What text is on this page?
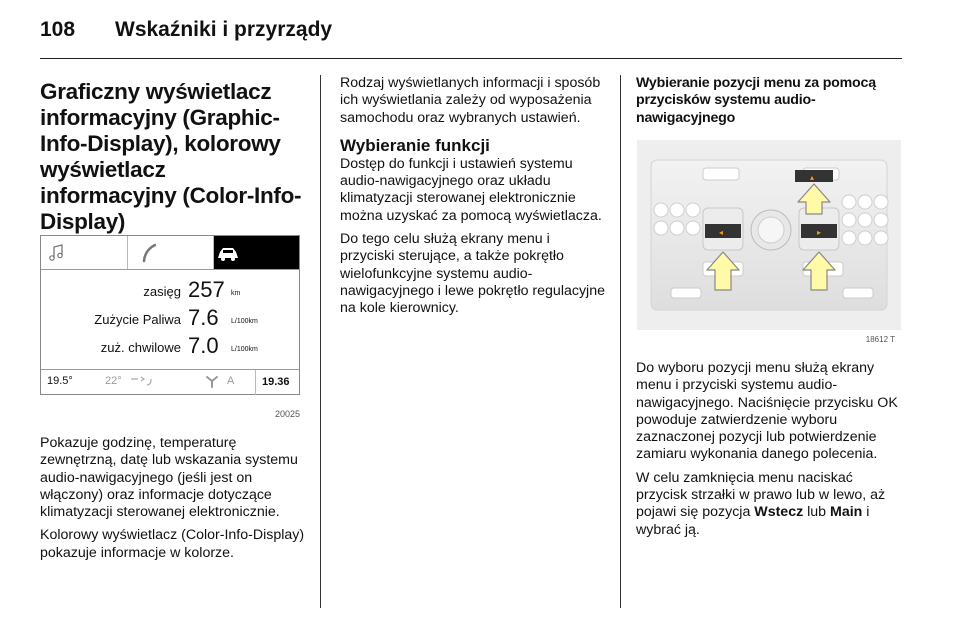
108 Wskaźniki i przyrządy
Graficzny wyświetlacz informacyjny (Graphic-Info-Display), kolorowy wyświetlacz informacyjny (Color-Info-Display)
zasięg 257 km
Zużycie Paliwa 7.6 L/100km
zuż. chwilowe 7.0 L/100km
19.5°	22°	A	19.36
20025

Pokazuje godzinę, temperaturę zewnętrzną, datę lub wskazania systemu audio-nawigacyjnego (jeśli jest on włączony) oraz informacje dotyczące klimatyzacji sterowanej elektronicznie.

Kolorowy wyświetlacz (Color-Info-Display) pokazuje informacje w kolorze.

Rodzaj wyświetlanych informacji i sposób ich wyświetlania zależy od wyposażenia samochodu oraz wybranych ustawień.

Wybieranie funkcji

Dostęp do funkcji i ustawień systemu audio-nawigacyjnego oraz układu klimatyzacji sterowanej elektronicznie można uzyskać za pomocą wyświetlacza.

Do tego celu służą ekrany menu i przyciski sterujące, a także pokrętło wielofunkcyjne systemu audio-nawigacyjnego i lewe pokrętło regulacyjne na kole kierownicy.

Wybieranie pozycji menu za pomocą przycisków systemu audio-nawigacyjnego
◂	▸
▴
18612 T

Do wyboru pozycji menu służą ekrany menu i przyciski systemu audio-nawigacyjnego. Naciśnięcie przycisku OK powoduje zatwierdzenie wyboru zaznaczonej pozycji lub potwierdzenie zamiaru wykonania danego polecenia.

W celu zamknięcia menu naciskać przycisk strzałki w prawo lub w lewo, aż pojawi się pozycja Wstecz lub Main i wybrać ją.
